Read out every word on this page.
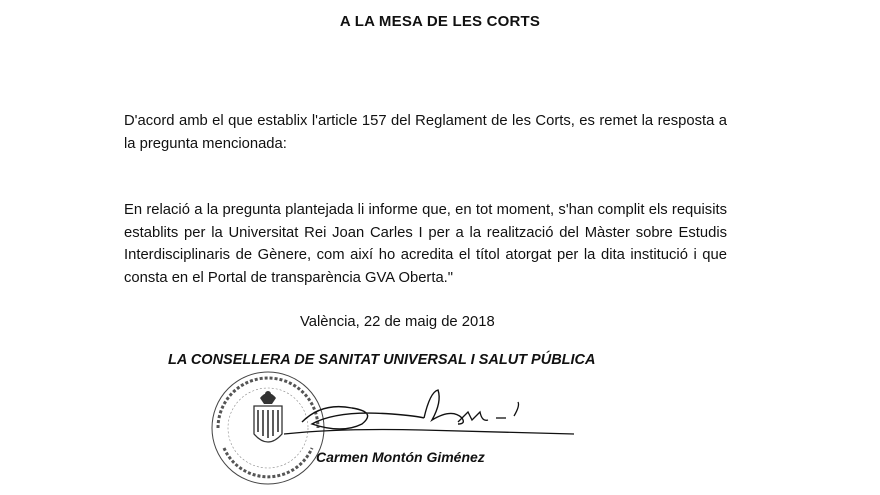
A LA MESA DE LES CORTS
D'acord amb el que establix l'article 157 del Reglament de les Corts, es remet la resposta a la pregunta mencionada:
En relació a la pregunta plantejada li informe que, en tot moment, s'han complit els requisits establits per la Universitat Rei Joan Carles I per a la realització del Màster sobre Estudis Interdisciplinaris de Gènere, com així ho acredita el títol atorgat per la dita institució i que consta en el Portal de transparència GVA Oberta."
València, 22 de maig de 2018
LA CONSELLERA DE SANITAT UNIVERSAL I SALUT PÚBLICA
Carmen Montón Giménez
